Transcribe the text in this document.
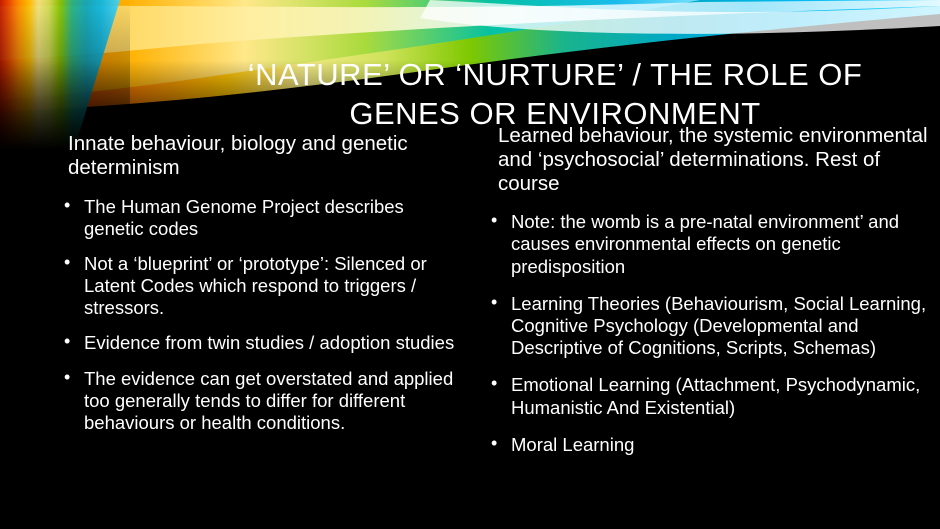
‘NATURE’ OR ‘NURTURE’ / THE ROLE OF GENES OR ENVIRONMENT
Innate behaviour, biology and genetic determinism
• The Human Genome Project describes genetic codes
• Not a ‘blueprint’ or ‘prototype’: Silenced or Latent Codes which respond to triggers / stressors.
• Evidence from twin studies / adoption studies
• The evidence can get overstated and applied too generally tends to differ for different behaviours or health conditions.
Learned behaviour, the systemic environmental and ‘psychosocial’ determinations. Rest of course
• Note: the womb is a pre-natal environment’ and causes environmental effects on genetic predisposition
• Learning Theories (Behaviourism, Social Learning, Cognitive Psychology (Developmental and Descriptive of Cognitions, Scripts, Schemas)
• Emotional Learning (Attachment, Psychodynamic, Humanistic And Existential)
• Moral Learning
